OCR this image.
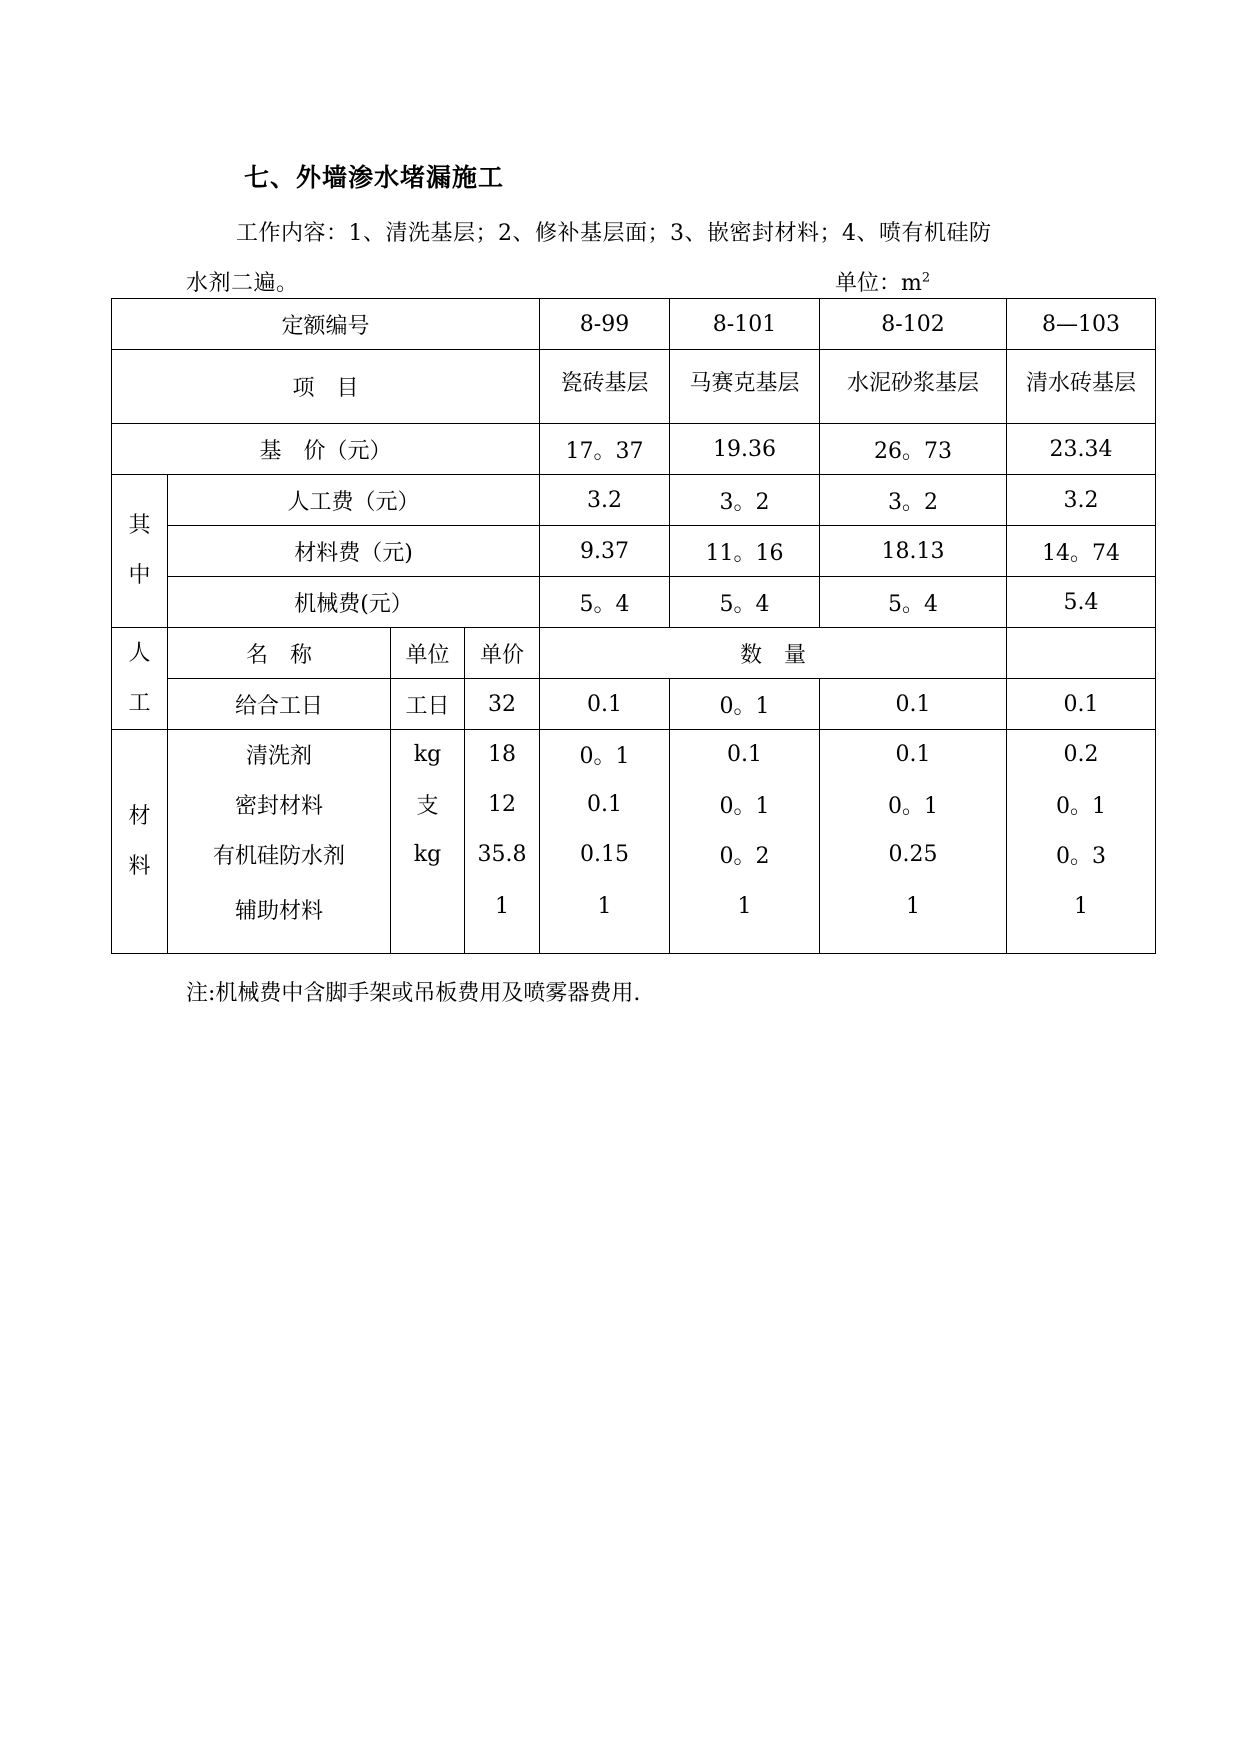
七、外墙渗水堵漏施工
工作内容：1、清洗基层；2、修补基层面；3、嵌密封材料；4、喷有机硅防
水剂二遍。	单位：$m^2$
定额编号				8-99	8-101	8-102	8—103
项　目				瓷砖基层	马赛克基层	水泥砂浆基层	清水砖基层
基　价（元）				17。37	19.36	26。73	23.34

其
中	人工费（元）			3.2	3。2	3。2	3.2
	材料费（元)			9.37	11。16	18.13	14。74
	机械费(元）			5。4	5。4	5。4	5.4

人
工	名　称	单位	单价	数　量			
	给合工日	工日	32	0.1	0。1	0.1	0.1

材
料	清洗剂	kg	18	0。1	0.1	0.1	0.2
	密封材料	支	12	0.1	0。1	0。1	0。1
	有机硅防水剂	kg	35.8	0.15	0。2	0.25	0。3
	辅助材料		1	1	1	1	1
注:机械费中含脚手架或吊板费用及喷雾器费用.
